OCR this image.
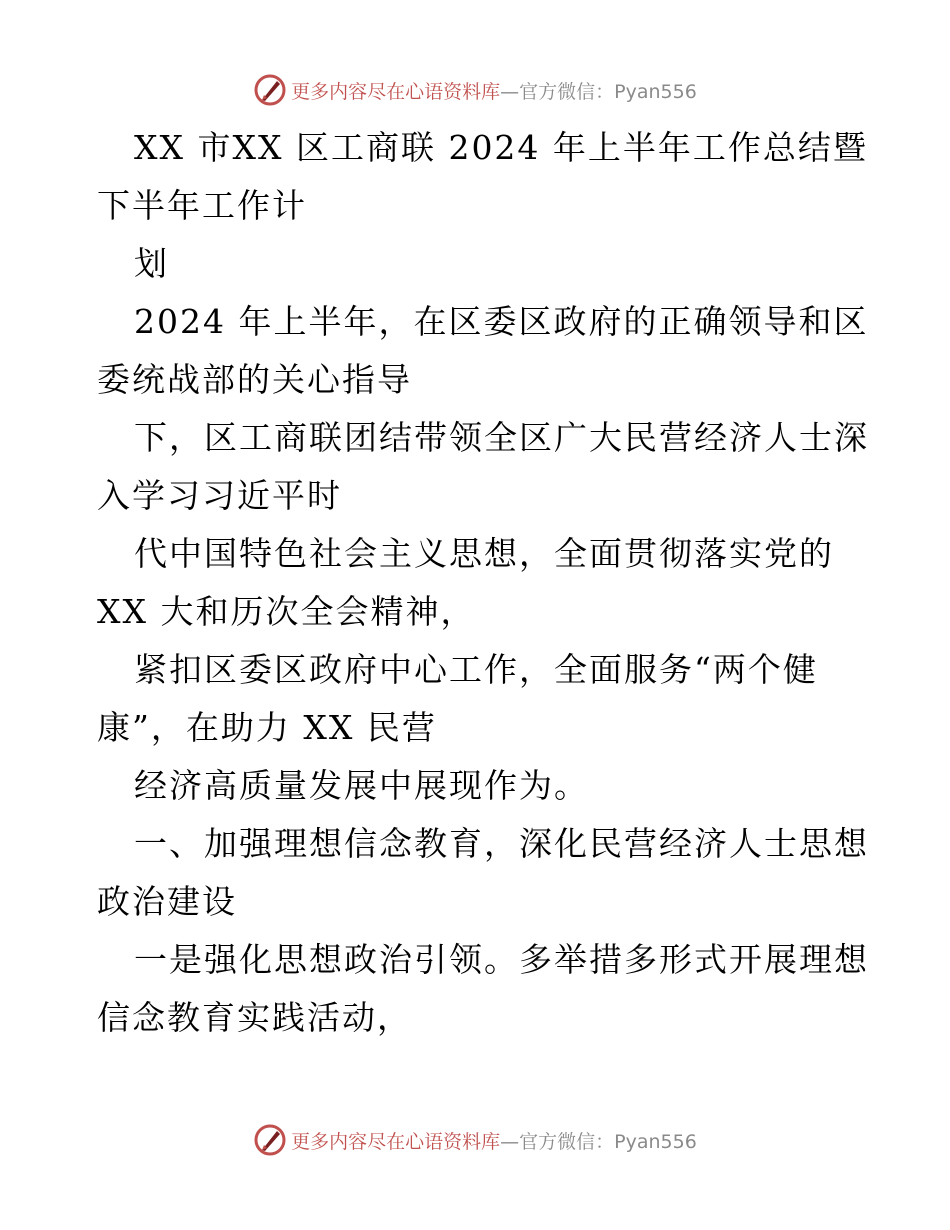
更多内容尽在心语资料库—官方微信：Pyan556
XX 市XX 区工商联 2024 年上半年工作总结暨
下半年工作计
划
2024 年上半年，在区委区政府的正确领导和区
委统战部的关心指导
下，区工商联团结带领全区广大民营经济人士深
入学习习近平时
代中国特色社会主义思想，全面贯彻落实党的
XX 大和历次全会精神，
紧扣区委区政府中心工作，全面服务“两个健
康”，在助力 XX 民营
经济高质量发展中展现作为。
一、加强理想信念教育，深化民营经济人士思想
政治建设
一是强化思想政治引领。多举措多形式开展理想
信念教育实践活动，
更多内容尽在心语资料库—官方微信：Pyan556
